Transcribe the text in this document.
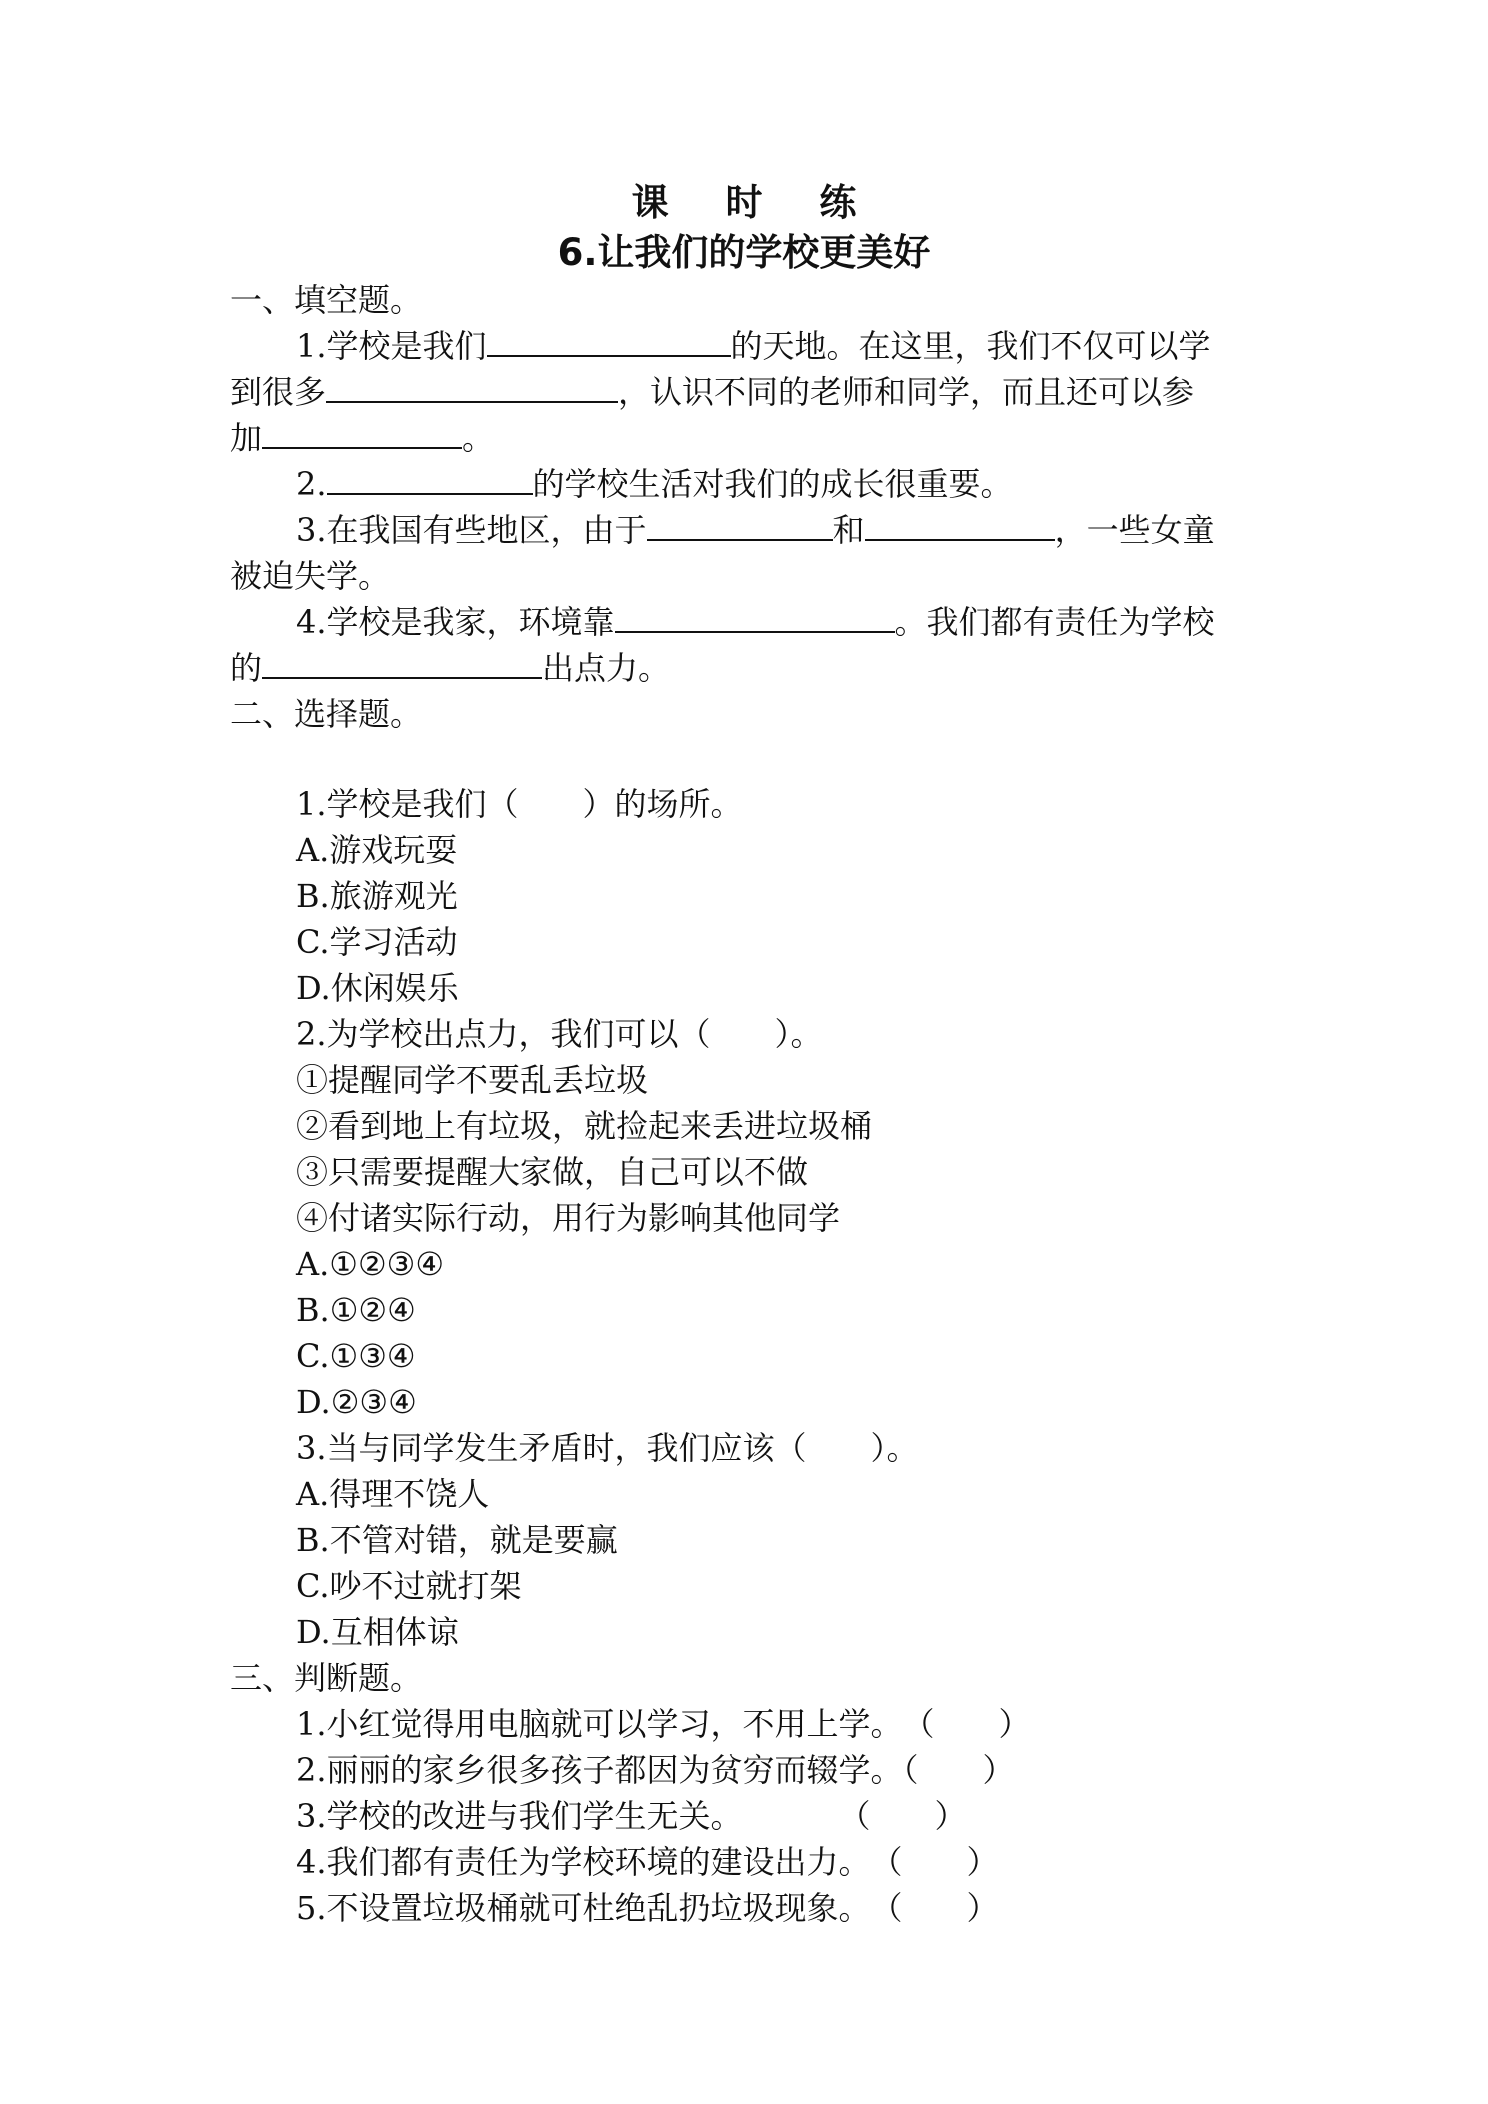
课 时 练
6.让我们的学校更美好
一、填空题。
1.学校是我们	的天地。在这里，我们不仅可以学
到很多	，认识不同的老师和同学，而且还可以参
加	。
2.	的学校生活对我们的成长很重要。
3.在我国有些地区，由于	和	，一些女童
被迫失学。
4.学校是我家，环境靠	。我们都有责任为学校
的	出点力。
二、选择题。
1.学校是我们（　　）的场所。
A.游戏玩耍
B.旅游观光
C.学习活动
D.休闲娱乐
2.为学校出点力，我们可以（　　）。
①提醒同学不要乱丢垃圾
②看到地上有垃圾，就捡起来丢进垃圾桶
③只需要提醒大家做，自己可以不做
④付诸实际行动，用行为影响其他同学
A.①②③④
B.①②④
C.①③④
D.②③④
3.当与同学发生矛盾时，我们应该（　　）。
A.得理不饶人
B.不管对错，就是要赢
C.吵不过就打架
D.互相体谅
三、判断题。
1.小红觉得用电脑就可以学习，不用上学。　（　　）
2.丽丽的家乡很多孩子都因为贫穷而辍学。（　　）
3.学校的改进与我们学生无关。　　　　（　　）
4.我们都有责任为学校环境的建设出力。　（　　）
5.不设置垃圾桶就可杜绝乱扔垃圾现象。　（　　）
